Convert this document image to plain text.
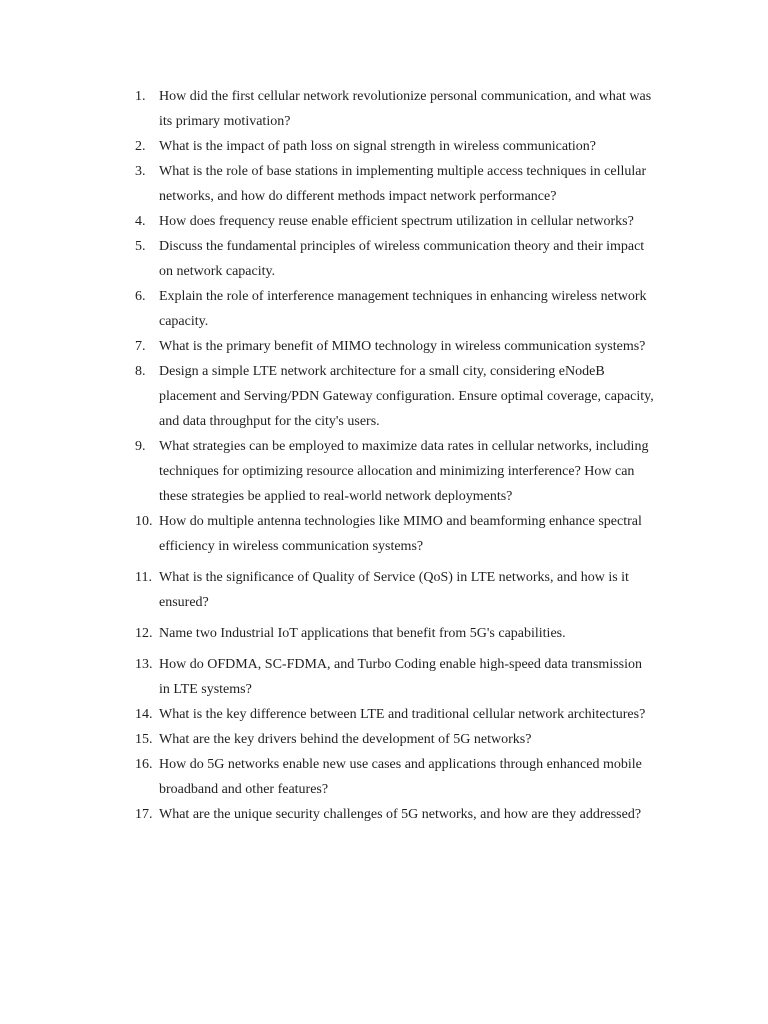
1. How did the first cellular network revolutionize personal communication, and what was its primary motivation?
2. What is the impact of path loss on signal strength in wireless communication?
3. What is the role of base stations in implementing multiple access techniques in cellular networks, and how do different methods impact network performance?
4. How does frequency reuse enable efficient spectrum utilization in cellular networks?
5. Discuss the fundamental principles of wireless communication theory and their impact on network capacity.
6. Explain the role of interference management techniques in enhancing wireless network capacity.
7. What is the primary benefit of MIMO technology in wireless communication systems?
8. Design a simple LTE network architecture for a small city, considering eNodeB placement and Serving/PDN Gateway configuration. Ensure optimal coverage, capacity, and data throughput for the city's users.
9. What strategies can be employed to maximize data rates in cellular networks, including techniques for optimizing resource allocation and minimizing interference? How can these strategies be applied to real-world network deployments?
10. How do multiple antenna technologies like MIMO and beamforming enhance spectral efficiency in wireless communication systems?
11. What is the significance of Quality of Service (QoS) in LTE networks, and how is it ensured?
12. Name two Industrial IoT applications that benefit from 5G's capabilities.
13. How do OFDMA, SC-FDMA, and Turbo Coding enable high-speed data transmission in LTE systems?
14. What is the key difference between LTE and traditional cellular network architectures?
15. What are the key drivers behind the development of 5G networks?
16. How do 5G networks enable new use cases and applications through enhanced mobile broadband and other features?
17. What are the unique security challenges of 5G networks, and how are they addressed?
